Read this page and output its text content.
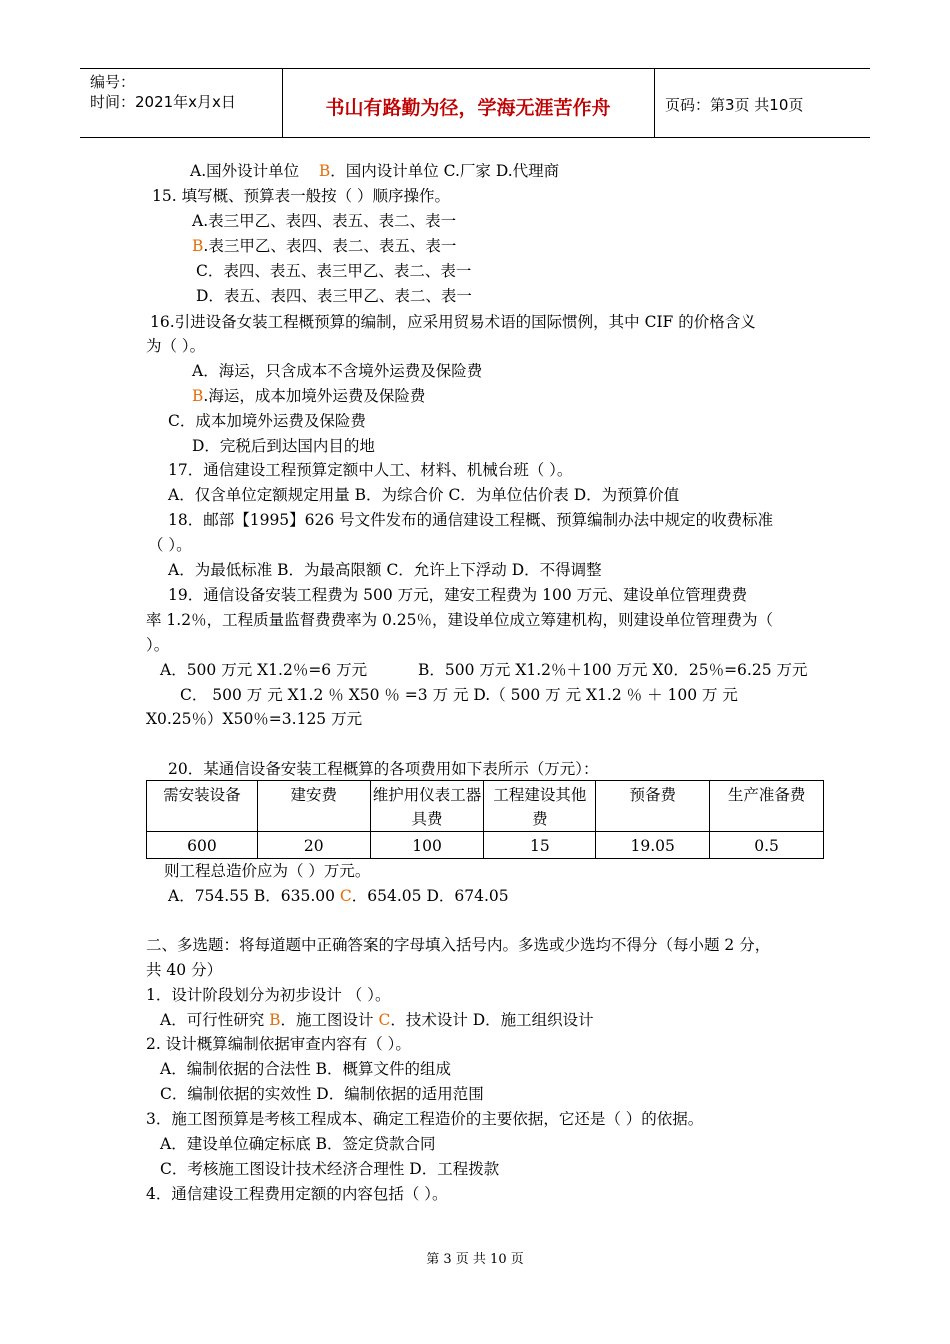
编号：
时间：2021年x月x日	书山有路勤为径，学海无涯苦作舟	页码：第3页 共10页
A.国外设计单位 B．国内设计单位 C.厂家 D.代理商
15. 填写概、预算表一般按（ ）顺序操作。
A.表三甲乙、表四、表五、表二、表一
B.表三甲乙、表四、表二、表五、表一
C．表四、表五、表三甲乙、表二、表一
D．表五、表四、表三甲乙、表二、表一
16.引进设备女装工程概预算的编制，应采用贸易术语的国际惯例，其中 CIF 的价格含义
为（ ）。
A．海运，只含成本不含境外运费及保险费
B.海运，成本加境外运费及保险费
C．成本加境外运费及保险费
D．完税后到达国内目的地
17．通信建设工程预算定额中人工、材料、机械台班（ ）。
A．仅含单位定额规定用量 B．为综合价 C．为单位估价表 D．为预算价值
18．邮部【1995】626 号文件发布的通信建设工程概、预算编制办法中规定的收费标准
（ ）。
A．为最低标准 B．为最高限额 C．允许上下浮动 D．不得调整
19．通信设备安装工程费为 500 万元，建安工程费为 100 万元、建设单位管理费费
率 1.2％，工程质量监督费费率为 0.25％，建设单位成立筹建机构，则建设单位管理费为（
）。
A．500 万元 X1.2％=6 万元	B．500 万元 X1.2％＋100 万元 X0．25％=6.25 万元
C． 500 万 元 X1.2 ％ X50 ％ =3 万 元 D.（ 500 万 元 X1.2 ％ ＋ 100 万 元
X0.25％）X50％=3.125 万元
20．某通信设备安装工程概算的各项费用如下表所示（万元）：
需安装设备	建安费	维护用仪表工器具费	工程建设其他费	预备费	生产准备费
600	20	100	15	19.05	0.5
则工程总造价应为（ ）万元。
A．754.55 B．635.00 C．654.05 D．674.05
二、多选题：将每道题中正确答案的字母填入括号内。多选或少选均不得分（每小题 2 分，
共 40 分）
1．设计阶段划分为初步设计 （ ）。
A．可行性研究 B．施工图设计 C．技术设计 D．施工组织设计
2. 设计概算编制依据审查内容有（ ）。
A．编制依据的合法性 B．概算文件的组成
C．编制依据的实效性 D．编制依据的适用范围
3．施工图预算是考核工程成本、确定工程造价的主要依据，它还是（ ）的依据。
A．建设单位确定标底 B．签定贷款合同
C．考核施工图设计技术经济合理性 D．工程拨款
4．通信建设工程费用定额的内容包括（ ）。
第 3 页 共 10 页
